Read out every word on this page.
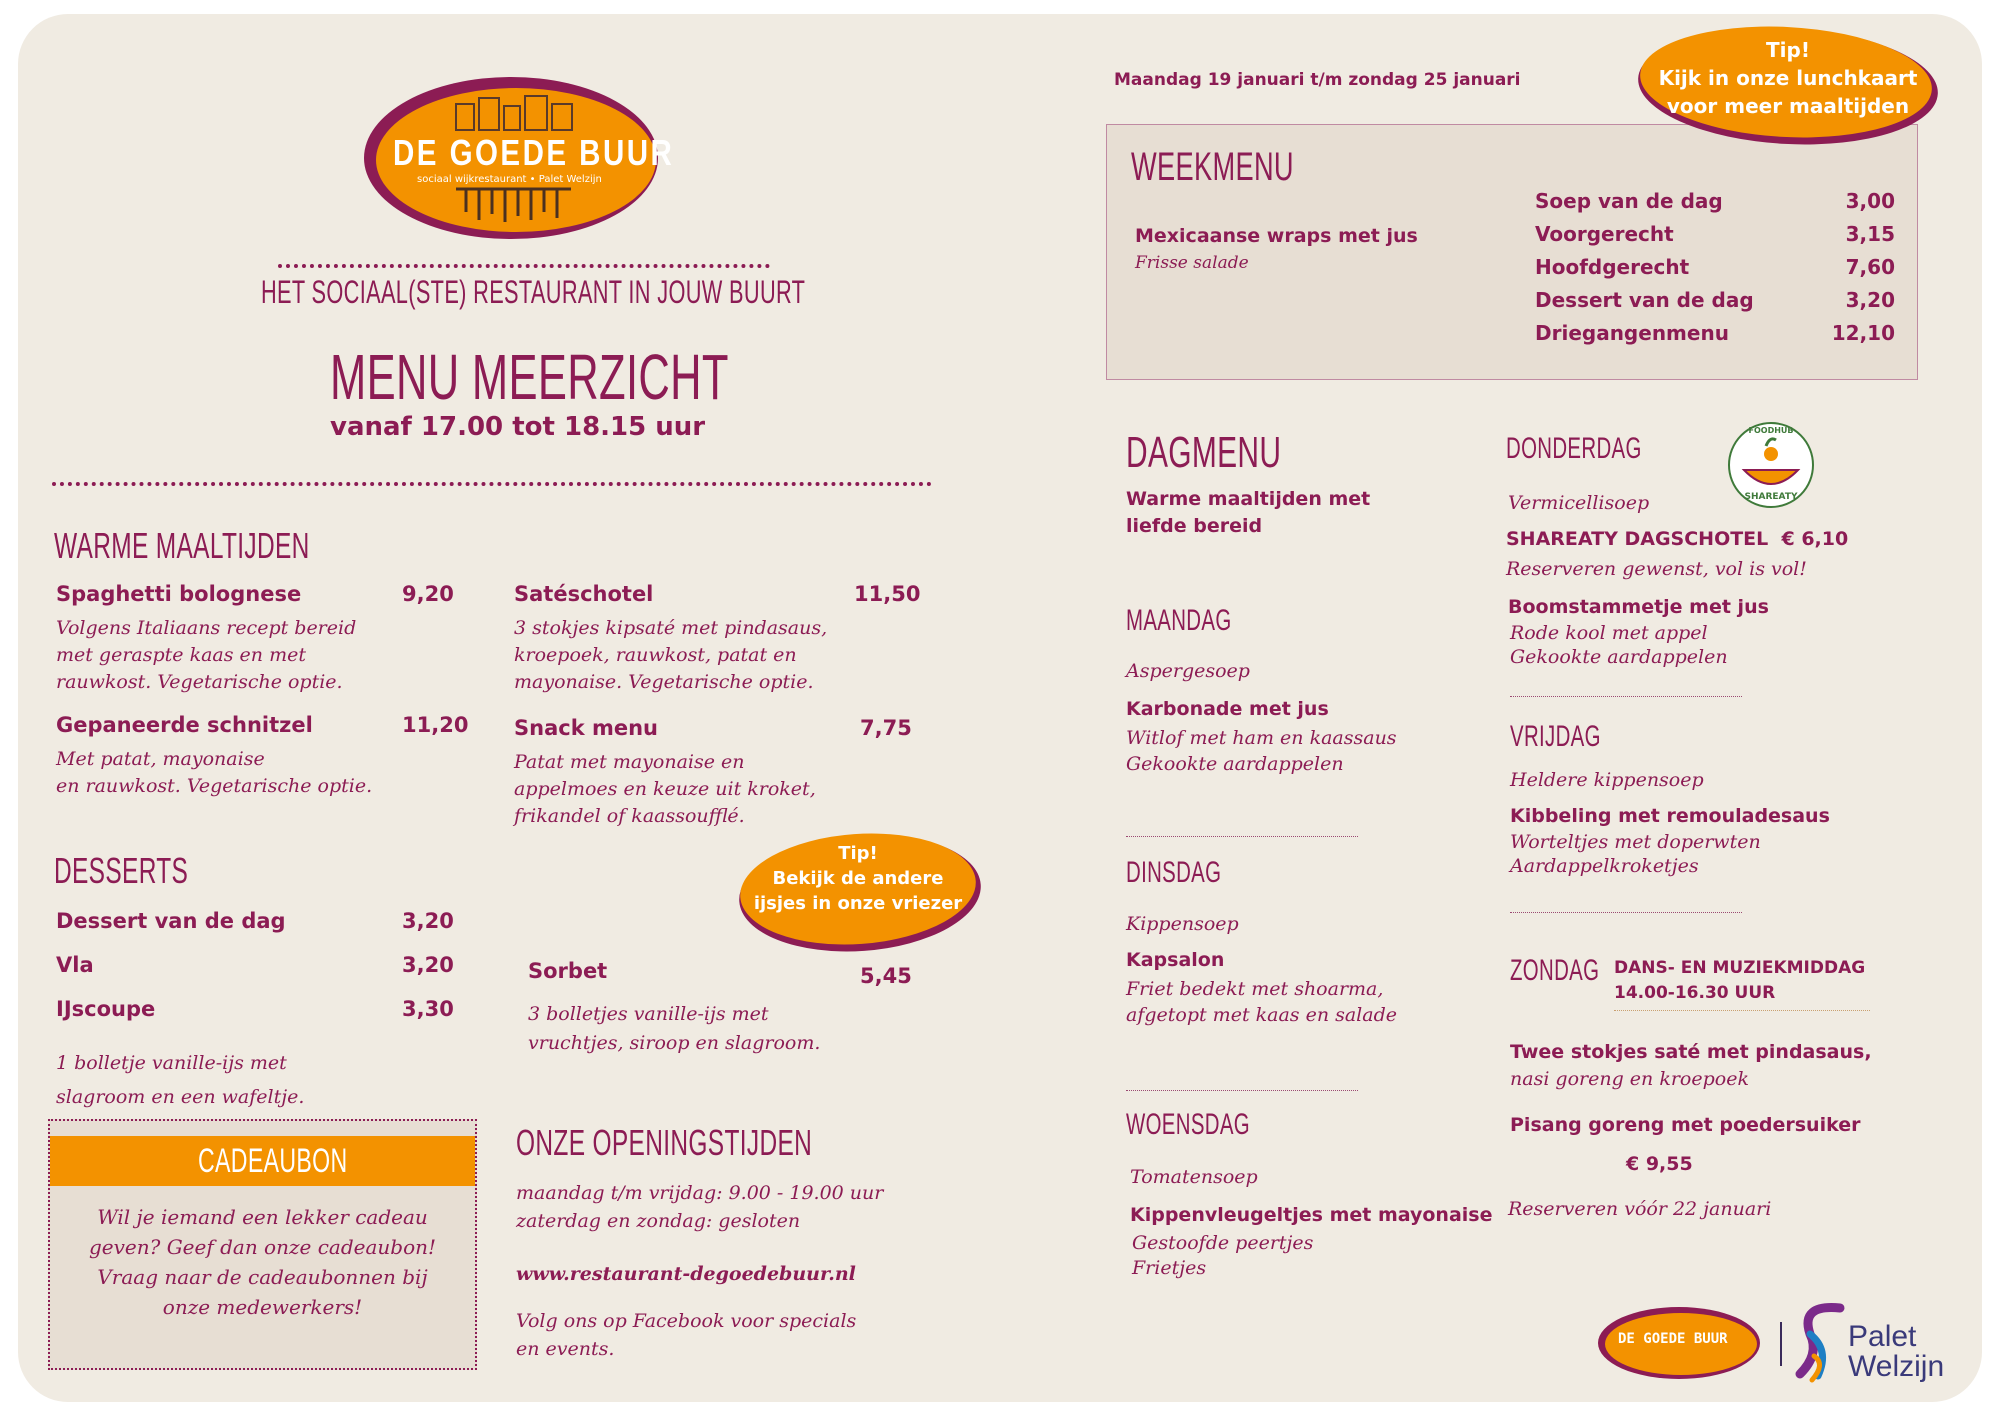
DE GOEDE BUUR
sociaal wijkrestaurant • Palet Welzijn
HET SOCIAAL(STE) RESTAURANT IN JOUW BUURT
MENU MEERZICHT
vanaf 17.00 tot 18.15 uur
WARME MAALTIJDEN
Spaghetti bolognese	9,20
Volgens Italiaans recept bereid
met geraspte kaas en met
rauwkost. Vegetarische optie.
Gepaneerde schnitzel	11,20
Met patat, mayonaise
en rauwkost. Vegetarische optie.
Satéschotel	11,50
3 stokjes kipsaté met pindasaus,
kroepoek, rauwkost, patat en
mayonaise. Vegetarische optie.
Snack menu	7,75
Patat met mayonaise en
appelmoes en keuze uit kroket,
frikandel of kaassoufflé.
Tip!
Bekijk de andere
ijsjes in onze vriezer
DESSERTS
Dessert van de dag	3,20
Vla	3,20
IJscoupe	3,30
1 bolletje vanille-ijs met
slagroom en een wafeltje.
Sorbet	5,45
3 bolletjes vanille-ijs met
vruchtjes, siroop en slagroom.
CADEAUBON
Wil je iemand een lekker cadeau
geven? Geef dan onze cadeaubon!
Vraag naar de cadeaubonnen bij
onze medewerkers!
ONZE OPENINGSTIJDEN
maandag t/m vrijdag: 9.00 - 19.00 uur
zaterdag en zondag: gesloten
www.restaurant-degoedebuur.nl
Volg ons op Facebook voor specials
en events.
Maandag 19 januari t/m zondag 25 januari
WEEKMENU
Mexicaanse wraps met jus
Frisse salade
Soep van de dag	3,00
Voorgerecht	3,15
Hoofdgerecht	7,60
Dessert van de dag	3,20
Driegangenmenu	12,10
Tip!
Kijk in onze lunchkaart
voor meer maaltijden
DAGMENU
Warme maaltijden met
liefde bereid
MAANDAG
Aspergesoep
Karbonade met jus
Witlof met ham en kaassaus
Gekookte aardappelen
DINSDAG
Kippensoep
Kapsalon
Friet bedekt met shoarma,
afgetopt met kaas en salade
WOENSDAG
Tomatensoep
Kippenvleugeltjes met mayonaise
Gestoofde peertjes
Frietjes
DONDERDAG
FOODHUB
SHAREATY
Vermicellisoep
SHAREATY DAGSCHOTEL  € 6,10
Reserveren gewenst, vol is vol!
Boomstammetje met jus
Rode kool met appel
Gekookte aardappelen
VRIJDAG
Heldere kippensoep
Kibbeling met remouladesaus
Worteltjes met doperwten
Aardappelkroketjes
ZONDAG DANS- EN MUZIEKMIDDAG
14.00-16.30 UUR
Twee stokjes saté met pindasaus,
nasi goreng en kroepoek
Pisang goreng met poedersuiker
€ 9,55
Reserveren vóór 22 januari
DE GOEDE BUUR	Palet
Welzijn
